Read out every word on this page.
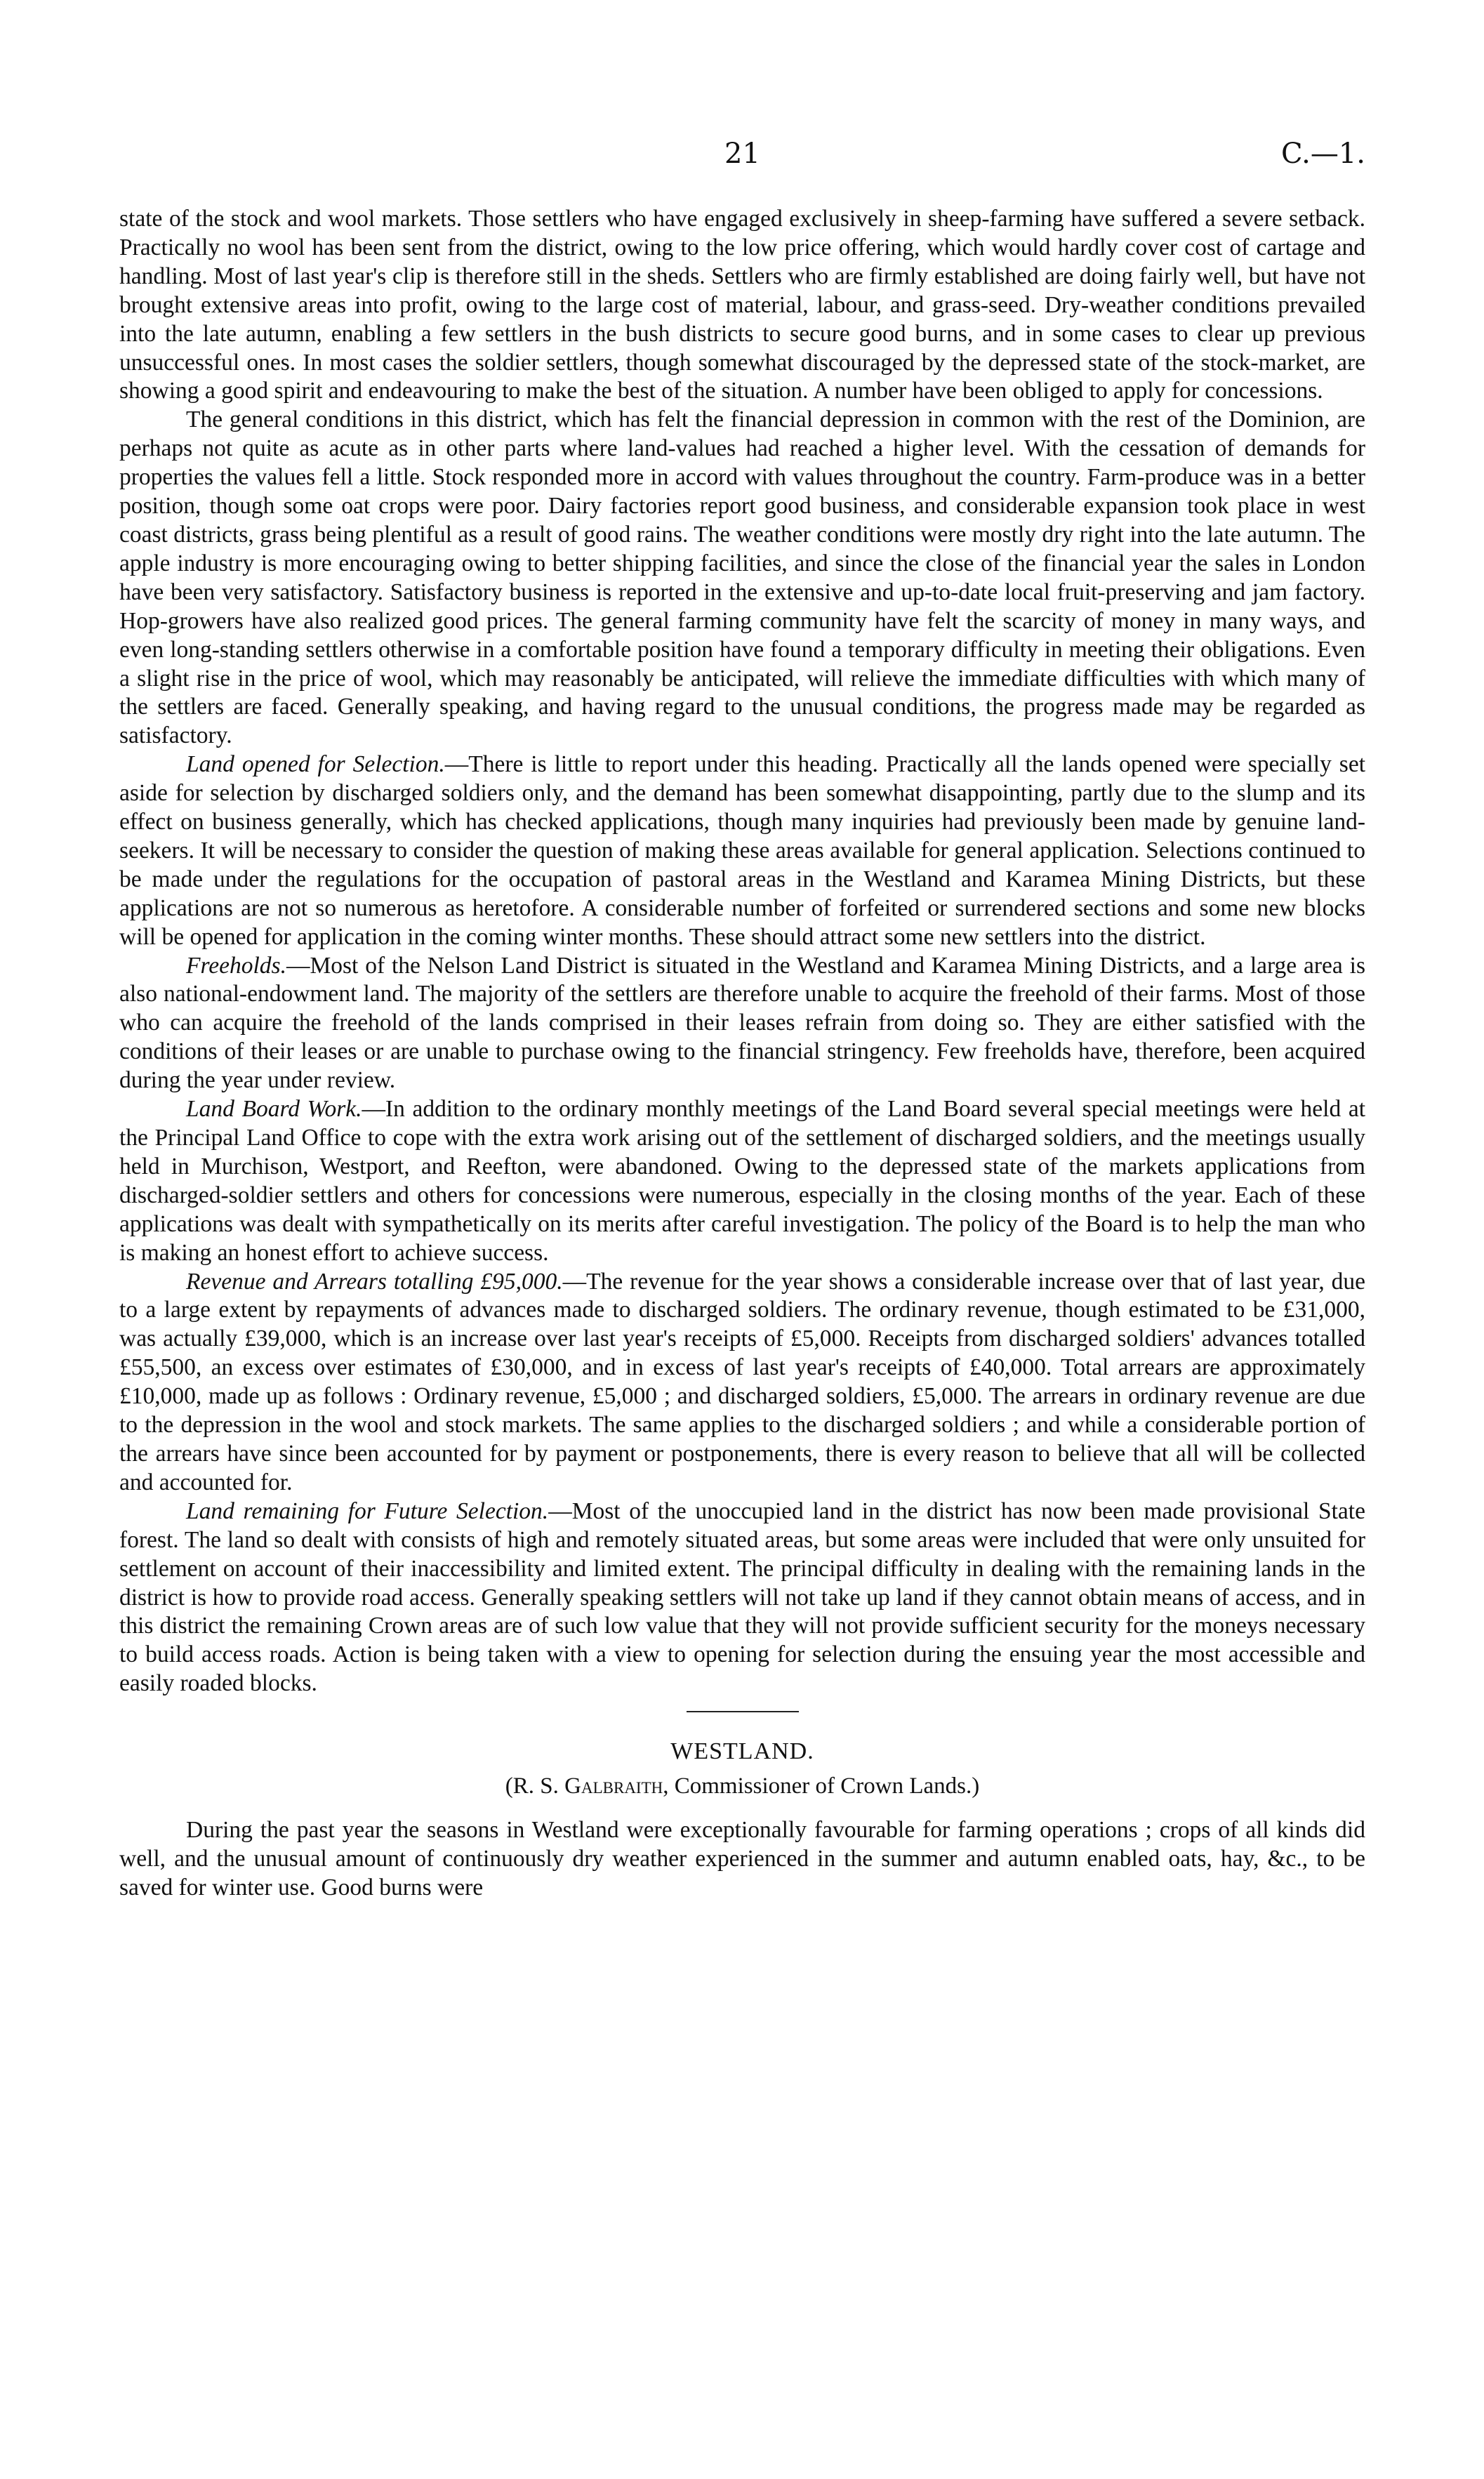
21	C.—1.

state of the stock and wool markets. Those settlers who have engaged exclusively in sheep-farming have suffered a severe setback. Practically no wool has been sent from the district, owing to the low price offering, which would hardly cover cost of cartage and handling. Most of last year's clip is therefore still in the sheds. Settlers who are firmly established are doing fairly well, but have not brought extensive areas into profit, owing to the large cost of material, labour, and grass-seed. Dry-weather conditions prevailed into the late autumn, enabling a few settlers in the bush districts to secure good burns, and in some cases to clear up previous unsuccessful ones. In most cases the soldier settlers, though somewhat discouraged by the depressed state of the stock-market, are showing a good spirit and endeavouring to make the best of the situation. A number have been obliged to apply for concessions.

The general conditions in this district, which has felt the financial depression in common with the rest of the Dominion, are perhaps not quite as acute as in other parts where land-values had reached a higher level. With the cessation of demands for properties the values fell a little. Stock responded more in accord with values throughout the country. Farm-produce was in a better position, though some oat crops were poor. Dairy factories report good business, and considerable expansion took place in west coast districts, grass being plentiful as a result of good rains. The weather conditions were mostly dry right into the late autumn. The apple industry is more encouraging owing to better shipping facilities, and since the close of the financial year the sales in London have been very satisfactory. Satisfactory business is reported in the extensive and up-to-date local fruit-preserving and jam factory. Hop-growers have also realized good prices. The general farming community have felt the scarcity of money in many ways, and even long-standing settlers otherwise in a comfortable position have found a temporary difficulty in meeting their obligations. Even a slight rise in the price of wool, which may reasonably be anticipated, will relieve the immediate difficulties with which many of the settlers are faced. Generally speaking, and having regard to the unusual conditions, the progress made may be regarded as satisfactory.

Land opened for Selection.—There is little to report under this heading. Practically all the lands opened were specially set aside for selection by discharged soldiers only, and the demand has been somewhat disappointing, partly due to the slump and its effect on business generally, which has checked applications, though many inquiries had previously been made by genuine land-seekers. It will be necessary to consider the question of making these areas available for general application. Selections continued to be made under the regulations for the occupation of pastoral areas in the Westland and Karamea Mining Districts, but these applications are not so numerous as heretofore. A considerable number of forfeited or surrendered sections and some new blocks will be opened for application in the coming winter months. These should attract some new settlers into the district.

Freeholds.—Most of the Nelson Land District is situated in the Westland and Karamea Mining Districts, and a large area is also national-endowment land. The majority of the settlers are therefore unable to acquire the freehold of their farms. Most of those who can acquire the freehold of the lands comprised in their leases refrain from doing so. They are either satisfied with the conditions of their leases or are unable to purchase owing to the financial stringency. Few freeholds have, therefore, been acquired during the year under review.

Land Board Work.—In addition to the ordinary monthly meetings of the Land Board several special meetings were held at the Principal Land Office to cope with the extra work arising out of the settlement of discharged soldiers, and the meetings usually held in Murchison, Westport, and Reefton, were abandoned. Owing to the depressed state of the markets applications from discharged-soldier settlers and others for concessions were numerous, especially in the closing months of the year. Each of these applications was dealt with sympathetically on its merits after careful investigation. The policy of the Board is to help the man who is making an honest effort to achieve success.

Revenue and Arrears totalling £95,000.—The revenue for the year shows a considerable increase over that of last year, due to a large extent by repayments of advances made to discharged soldiers. The ordinary revenue, though estimated to be £31,000, was actually £39,000, which is an increase over last year's receipts of £5,000. Receipts from discharged soldiers' advances totalled £55,500, an excess over estimates of £30,000, and in excess of last year's receipts of £40,000. Total arrears are approximately £10,000, made up as follows : Ordinary revenue, £5,000 ; and discharged soldiers, £5,000. The arrears in ordinary revenue are due to the depression in the wool and stock markets. The same applies to the discharged soldiers ; and while a considerable portion of the arrears have since been accounted for by payment or postponements, there is every reason to believe that all will be collected and accounted for.

Land remaining for Future Selection.—Most of the unoccupied land in the district has now been made provisional State forest. The land so dealt with consists of high and remotely situated areas, but some areas were included that were only unsuited for settlement on account of their inaccessibility and limited extent. The principal difficulty in dealing with the remaining lands in the district is how to provide road access. Generally speaking settlers will not take up land if they cannot obtain means of access, and in this district the remaining Crown areas are of such low value that they will not provide sufficient security for the moneys necessary to build access roads. Action is being taken with a view to opening for selection during the ensuing year the most accessible and easily roaded blocks.

WESTLAND.
(R. S. Galbraith, Commissioner of Crown Lands.)

During the past year the seasons in Westland were exceptionally favourable for farming operations ; crops of all kinds did well, and the unusual amount of continuously dry weather experienced in the summer and autumn enabled oats, hay, &c., to be saved for winter use. Good burns were
